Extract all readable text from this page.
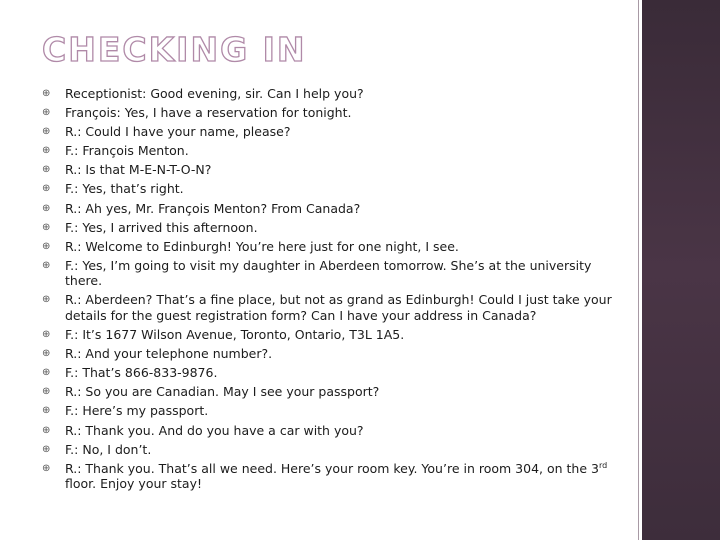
CHECKING IN
⊕ Receptionist: Good evening, sir. Can I help you?
⊕ François: Yes, I have a reservation for tonight.
⊕ R.: Could I have your name, please?
⊕ F.: François Menton.
⊕ R.: Is that M-E-N-T-O-N?
⊕ F.: Yes, that’s right.
⊕ R.: Ah yes, Mr. François Menton? From Canada?
⊕ F.: Yes, I arrived this afternoon.
⊕ R.: Welcome to Edinburgh! You’re here just for one night, I see.
⊕ F.: Yes, I’m going to visit my daughter in Aberdeen tomorrow. She’s at the university there.
⊕ R.: Aberdeen? That’s a fine place, but not as grand as Edinburgh! Could I just take your details for the guest registration form? Can I have your address in Canada?
⊕ F.: It’s 1677 Wilson Avenue, Toronto, Ontario, T3L 1A5.
⊕ R.: And your telephone number?.
⊕ F.: That’s 866-833-9876.
⊕ R.: So you are Canadian. May I see your passport?
⊕ F.: Here’s my passport.
⊕ R.: Thank you. And do you have a car with you?
⊕ F.: No, I don’t.
⊕ R.: Thank you. That’s all we need. Here’s your room key. You’re in room 304, on the 3rd floor. Enjoy your stay!
